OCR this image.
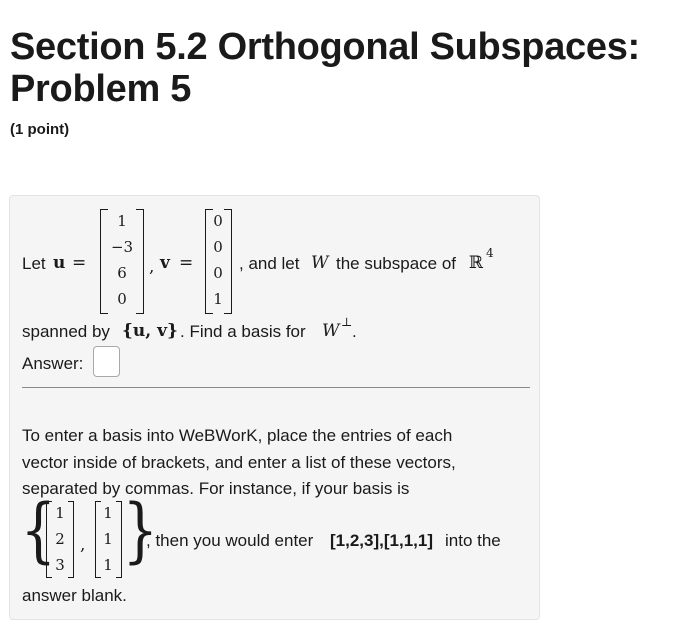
Section 5.2 Orthogonal Subspaces:
Problem 5
(1 point)
Let u =
1
−3
6
0
, v =
0
0
0
1
, and let W the subspace of ℝ 4
spanned by {u, v} . Find a basis for W ⊥ .
Answer:
To enter a basis into WeBWorK, place the entries of each
vector inside of brackets, and enter a list of these vectors,
separated by commas. For instance, if your basis is
{ 1
2
3
,
1
1
1 }
, then you would enter [1,2,3],[1,1,1] into the
answer blank.
